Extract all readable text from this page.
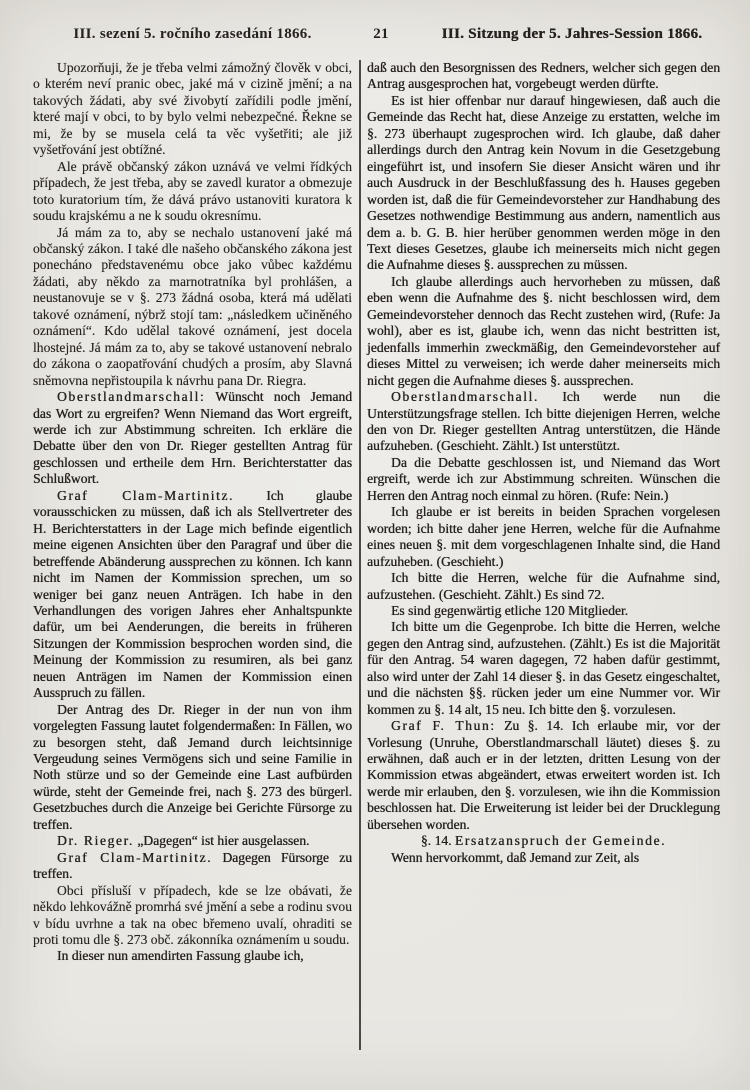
III. sezení 5. ročního zasedání 1866.	21	III. Sitzung der 5. Jahres-Session 1866.

Upozorňuji, že je třeba velmi zámožný člověk v obci, o kterém neví pranic obec, jaké má v cizině jmění; a na takových žádati, aby své živobytí zařídili podle jmění, které mají v obci, to by bylo velmi nebezpečné. Řekne se mi, že by se musela celá ta věc vyšetřiti; ale již vyšetřování jest obtížné.

Ale právě občanský zákon uznává ve velmi řídkých případech, že jest třeba, aby se zavedl kurator a obmezuje toto kuratorium tím, že dává právo ustanoviti kuratora k soudu krajskému a ne k soudu okresnímu.

Já mám za to, aby se nechalo ustanovení jaké má občanský zákon. I také dle našeho občanského zákona jest ponecháno představenému obce jako vůbec každému žádati, aby někdo za marnotratníka byl prohlášen, a neustanovuje se v §. 273 žádná osoba, která má udělati takové oznámení, nýbrž stojí tam: „následkem učiněného oznámení“. Kdo udělal takové oznámení, jest docela lhostejné. Já mám za to, aby se takové ustanovení nebralo do zákona o zaopatřování chudých a prosím, aby Slavná sněmovna nepřistoupila k návrhu pana Dr. Riegra.

Oberstlandmarschall: Wünscht noch Jemand das Wort zu ergreifen? Wenn Niemand das Wort ergreift, werde ich zur Abstimmung schreiten. Ich erkläre die Debatte über den von Dr. Rieger gestellten Antrag für geschlossen und ertheile dem Hrn. Berichterstatter das Schlußwort.

Graf Clam-Martinitz. Ich glaube vorausschicken zu müssen, daß ich als Stellvertreter des H. Berichterstatters in der Lage mich befinde eigentlich meine eigenen Ansichten über den Paragraf und über die betreffende Abänderung aussprechen zu können. Ich kann nicht im Namen der Kommission sprechen, um so weniger bei ganz neuen Anträgen. Ich habe in den Verhandlungen des vorigen Jahres eher Anhaltspunkte dafür, um bei Aenderungen, die bereits in früheren Sitzungen der Kommission besprochen worden sind, die Meinung der Kommission zu resumiren, als bei ganz neuen Anträgen im Namen der Kommission einen Ausspruch zu fällen.

Der Antrag des Dr. Rieger in der nun von ihm vorgelegten Fassung lautet folgendermaßen: In Fällen, wo zu besorgen steht, daß Jemand durch leichtsinnige Vergeudung seines Vermögens sich und seine Familie in Noth stürze und so der Gemeinde eine Last aufbürden würde, steht der Gemeinde frei, nach §. 273 des bürgerl. Gesetzbuches durch die Anzeige bei Gerichte Fürsorge zu treffen.

Dr. Rieger. „Dagegen“ ist hier ausgelassen.

Graf Clam-Martinitz. Dagegen Fürsorge zu treffen.

Obci přísluší v případech, kde se lze obávati, že někdo lehkovážně promrhá své jmění a sebe a rodinu svou v bídu uvrhne a tak na obec břemeno uvalí, ohraditi se proti tomu dle §. 273 obč. zákonníka oznámením u soudu.

In dieser nun amendirten Fassung glaube ich,

daß auch den Besorgnissen des Redners, welcher sich gegen den Antrag ausgesprochen hat, vorgebeugt werden dürfte.

Es ist hier offenbar nur darauf hingewiesen, daß auch die Gemeinde das Recht hat, diese Anzeige zu erstatten, welche im §. 273 überhaupt zugesprochen wird. Ich glaube, daß daher allerdings durch den Antrag kein Novum in die Gesetzgebung eingeführt ist, und insofern Sie dieser Ansicht wären und ihr auch Ausdruck in der Beschlußfassung des h. Hauses gegeben worden ist, daß die für Gemeindevorsteher zur Handhabung des Gesetzes nothwendige Bestimmung aus andern, namentlich aus dem a. b. G. B. hier herüber genommen werden möge in den Text dieses Gesetzes, glaube ich meinerseits mich nicht gegen die Aufnahme dieses §. aussprechen zu müssen.

Ich glaube allerdings auch hervorheben zu müssen, daß eben wenn die Aufnahme des §. nicht beschlossen wird, dem Gemeindevorsteher dennoch das Recht zustehen wird, (Rufe: Ja wohl), aber es ist, glaube ich, wenn das nicht bestritten ist, jedenfalls immerhin zweckmäßig, den Gemeindevorsteher auf dieses Mittel zu verweisen; ich werde daher meinerseits mich nicht gegen die Aufnahme dieses §. aussprechen.

Oberstlandmarschall. Ich werde nun die Unterstützungsfrage stellen. Ich bitte diejenigen Herren, welche den von Dr. Rieger gestellten Antrag unterstützen, die Hände aufzuheben. (Geschieht. Zählt.) Ist unterstützt.

Da die Debatte geschlossen ist, und Niemand das Wort ergreift, werde ich zur Abstimmung schreiten. Wünschen die Herren den Antrag noch einmal zu hören. (Rufe: Nein.)

Ich glaube er ist bereits in beiden Sprachen vorgelesen worden; ich bitte daher jene Herren, welche für die Aufnahme eines neuen §. mit dem vorgeschlagenen Inhalte sind, die Hand aufzuheben. (Geschieht.)

Ich bitte die Herren, welche für die Aufnahme sind, aufzustehen. (Geschieht. Zählt.) Es sind 72.

Es sind gegenwärtig etliche 120 Mitglieder.

Ich bitte um die Gegenprobe. Ich bitte die Herren, welche gegen den Antrag sind, aufzustehen. (Zählt.) Es ist die Majorität für den Antrag. 54 waren dagegen, 72 haben dafür gestimmt, also wird unter der Zahl 14 dieser §. in das Gesetz eingeschaltet, und die nächsten §§. rücken jeder um eine Nummer vor. Wir kommen zu §. 14 alt, 15 neu. Ich bitte den §. vorzulesen.

Graf F. Thun: Zu §. 14. Ich erlaube mir, vor der Vorlesung (Unruhe, Oberstlandmarschall läutet) dieses §. zu erwähnen, daß auch er in der letzten, dritten Lesung von der Kommission etwas abgeändert, etwas erweitert worden ist. Ich werde mir erlauben, den §. vorzulesen, wie ihn die Kommission beschlossen hat. Die Erweiterung ist leider bei der Drucklegung übersehen worden.

§. 14. Ersatzanspruch der Gemeinde.

Wenn hervorkommt, daß Jemand zur Zeit, als
